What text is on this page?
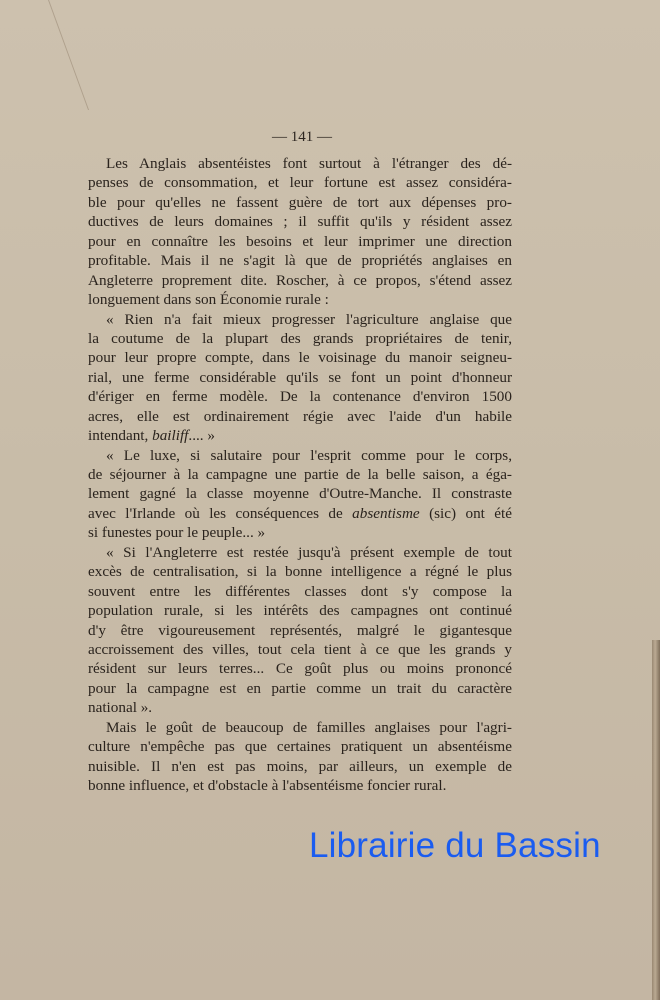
— 141 —
Les Anglais absentéistes font surtout à l'étranger des dé-
penses de consommation, et leur fortune est assez considéra-
ble pour qu'elles ne fassent guère de tort aux dépenses pro-
ductives de leurs domaines ; il suffit qu'ils y résident assez
pour en connaître les besoins et leur imprimer une direction
profitable. Mais il ne s'agit là que de propriétés anglaises en
Angleterre proprement dite. Roscher, à ce propos, s'étend assez
longuement dans son Économie rurale :
« Rien n'a fait mieux progresser l'agriculture anglaise que
la coutume de la plupart des grands propriétaires de tenir,
pour leur propre compte, dans le voisinage du manoir seigneu-
rial, une ferme considérable qu'ils se font un point d'honneur
d'ériger en ferme modèle. De la contenance d'environ 1500
acres, elle est ordinairement régie avec l'aide d'un habile
intendant, bailiff.... »
« Le luxe, si salutaire pour l'esprit comme pour le corps,
de séjourner à la campagne une partie de la belle saison, a éga-
lement gagné la classe moyenne d'Outre-Manche. Il constraste
avec l'Irlande où les conséquences de absentisme (sic) ont été
si funestes pour le peuple... »
« Si l'Angleterre est restée jusqu'à présent exemple de tout
excès de centralisation, si la bonne intelligence a régné le plus
souvent entre les différentes classes dont s'y compose la
population rurale, si les intérêts des campagnes ont continué
d'y être vigoureusement représentés, malgré le gigantesque
accroissement des villes, tout cela tient à ce que les grands y
résident sur leurs terres... Ce goût plus ou moins prononcé
pour la campagne est en partie comme un trait du caractère
national ».
Mais le goût de beaucoup de familles anglaises pour l'agri-
culture n'empêche pas que certaines pratiquent un absentéisme
nuisible. Il n'en est pas moins, par ailleurs, un exemple de
bonne influence, et d'obstacle à l'absentéisme foncier rural.
Librairie du Bassin
